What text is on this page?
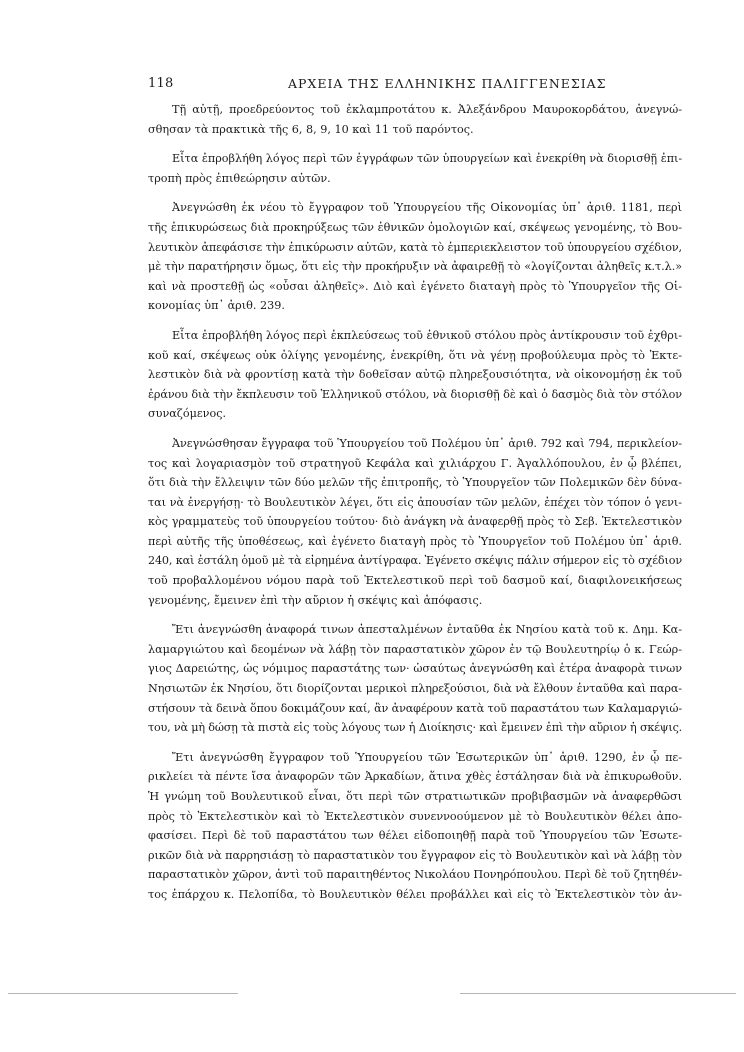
118	ΑΡΧΕΙΑ ΤΗΣ ΕΛΛΗΝΙΚΗΣ ΠΑΛΙΓΓΕΝΕΣΙΑΣ

Τῇ αὐτῇ, προεδρεύοντος τοῦ ἐκλαμπροτάτου κ. Ἀλεξάνδρου Μαυροκορδάτου, ἀνεγνώ-
σθησαν τὰ πρακτικὰ τῆς 6, 8, 9, 10 καὶ 11 τοῦ παρόντος.

Εἶτα ἐπροβλήθη λόγος περὶ τῶν ἐγγράφων τῶν ὑπουργείων καὶ ἐνεκρίθη νὰ διορισθῇ ἐπι-
τροπὴ πρὸς ἐπιθεώρησιν αὐτῶν.

Ἀνεγνώσθη ἐκ νέου τὸ ἔγγραφον τοῦ Ὑπουργείου τῆς Οἰκονομίας ὑπ᾽ ἀριθ. 1181, περὶ
τῆς ἐπικυρώσεως διὰ προκηρύξεως τῶν ἐθνικῶν ὁμολογιῶν καί, σκέψεως γενομένης, τὸ Βου-
λευτικὸν ἀπεφάσισε τὴν ἐπικύρωσιν αὐτῶν, κατὰ τὸ ἐμπεριεκλειστον τοῦ ὑπουργείου σχέδιον,
μὲ τὴν παρατήρησιν ὅμως, ὅτι εἰς τὴν προκήρυξιν νὰ ἀφαιρεθῇ τὸ «λογίζονται ἀληθεῖς κ.τ.λ.»
καὶ νὰ προστεθῇ ὡς «οὖσαι ἀληθεῖς». Διὸ καὶ ἐγένετο διαταγὴ πρὸς τὸ Ὑπουργεῖον τῆς Οἰ-
κονομίας ὑπ᾽ ἀριθ. 239.

Εἶτα ἐπροβλήθη λόγος περὶ ἐκπλεύσεως τοῦ ἐθνικοῦ στόλου πρὸς ἀντίκρουσιν τοῦ ἐχθρι-
κοῦ καί, σκέψεως οὐκ ὀλίγης γενομένης, ἐνεκρίθη, ὅτι νὰ γένῃ προβούλευμα πρὸς τὸ Ἐκτε-
λεστικὸν διὰ νὰ φροντίσῃ κατὰ τὴν δοθεῖσαν αὐτῷ πληρεξουσιότητα, νὰ οἰκονομήσῃ ἐκ τοῦ
ἐράνου διὰ τὴν ἔκπλευσιν τοῦ Ἑλληνικοῦ στόλου, νὰ διορισθῇ δὲ καὶ ὁ δασμὸς διὰ τὸν στόλον
συναζόμενος.

Ἀνεγνώσθησαν ἔγγραφα τοῦ Ὑπουργείου τοῦ Πολέμου ὑπ᾽ ἀριθ. 792 καὶ 794, περικλείον-
τος καὶ λογαριασμὸν τοῦ στρατηγοῦ Κεφάλα καὶ χιλιάρχου Γ. Ἀγαλλόπουλου, ἐν ᾧ βλέπει,
ὅτι διὰ τὴν ἔλλειψιν τῶν δύο μελῶν τῆς ἐπιτροπῆς, τὸ Ὑπουργεῖον τῶν Πολεμικῶν δὲν δύνα-
ται νὰ ἐνεργήσῃ· τὸ Βουλευτικὸν λέγει, ὅτι εἰς ἀπουσίαν τῶν μελῶν, ἐπέχει τὸν τόπον ὁ γενι-
κὸς γραμματεὺς τοῦ ὑπουργείου τούτου· διὸ ἀνάγκη νὰ ἀναφερθῇ πρὸς τὸ Σεβ. Ἐκτελεστικὸν
περὶ αὐτῆς τῆς ὑποθέσεως, καὶ ἐγένετο διαταγὴ πρὸς τὸ Ὑπουργεῖον τοῦ Πολέμου ὑπ᾽ ἀριθ.
240, καὶ ἐστάλη ὁμοῦ μὲ τὰ εἰρημένα ἀντίγραφα. Ἐγένετο σκέψις πάλιν σήμερον εἰς τὸ σχέδιον
τοῦ προβαλλομένου νόμου παρὰ τοῦ Ἐκτελεστικοῦ περὶ τοῦ δασμοῦ καί, διαφιλονεικήσεως
γενομένης, ἔμεινεν ἐπὶ τὴν αὔριον ἡ σκέψις καὶ ἀπόφασις.

Ἔτι ἀνεγνώσθη ἀναφορά τινων ἀπεσταλμένων ἐνταῦθα ἐκ Νησίου κατὰ τοῦ κ. Δημ. Κα-
λαμαργιώτου καὶ δεομένων νὰ λάβῃ τὸν παραστατικὸν χῶρον ἐν τῷ Βουλευτηρίῳ ὁ κ. Γεώρ-
γιος Δαρειώτης, ὡς νόμιμος παραστάτης των· ὡσαύτως ἀνεγνώσθη καὶ ἑτέρα ἀναφορὰ τινων
Νησιωτῶν ἐκ Νησίου, ὅτι διορίζονται μερικοὶ πληρεξούσιοι, διὰ νὰ ἔλθουν ἐνταῦθα καὶ παρα-
στήσουν τὰ δεινὰ ὅπου δοκιμάζουν καί, ἂν ἀναφέρουν κατὰ τοῦ παραστάτου των Καλαμαργιώ-
του, νὰ μὴ δώσῃ τὰ πιστὰ εἰς τοὺς λόγους των ἡ Διοίκησις· καὶ ἔμεινεν ἐπὶ τὴν αὔριον ἡ σκέψις.

Ἔτι ἀνεγνώσθη ἔγγραφον τοῦ Ὑπουργείου τῶν Ἐσωτερικῶν ὑπ᾽ ἀριθ. 1290, ἐν ᾧ πε-
ρικλείει τὰ πέντε ἴσα ἀναφορῶν τῶν Ἀρκαδίων, ἅτινα χθὲς ἐστάλησαν διὰ νὰ ἐπικυρωθοῦν.
Ἡ γνώμη τοῦ Βουλευτικοῦ εἶναι, ὅτι περὶ τῶν στρατιωτικῶν προβιβασμῶν νὰ ἀναφερθῶσι
πρὸς τὸ Ἐκτελεστικὸν καὶ τὸ Ἐκτελεστικὸν συνεννοούμενον μὲ τὸ Βουλευτικὸν θέλει ἀπο-
φασίσει. Περὶ δὲ τοῦ παραστάτου των θέλει εἰδοποιηθῇ παρὰ τοῦ Ὑπουργείου τῶν Ἐσωτε-
ρικῶν διὰ νὰ παρρησιάσῃ τὸ παραστατικὸν του ἔγγραφον εἰς τὸ Βουλευτικὸν καὶ νὰ λάβῃ τὸν
παραστατικὸν χῶρον, ἀντὶ τοῦ παραιτηθέντος Νικολάου Πονηρόπουλου. Περὶ δὲ τοῦ ζητηθέν-
τος ἐπάρχου κ. Πελοπίδα, τὸ Βουλευτικὸν θέλει προβάλλει καὶ εἰς τὸ Ἐκτελεστικὸν τὸν ἀν-
